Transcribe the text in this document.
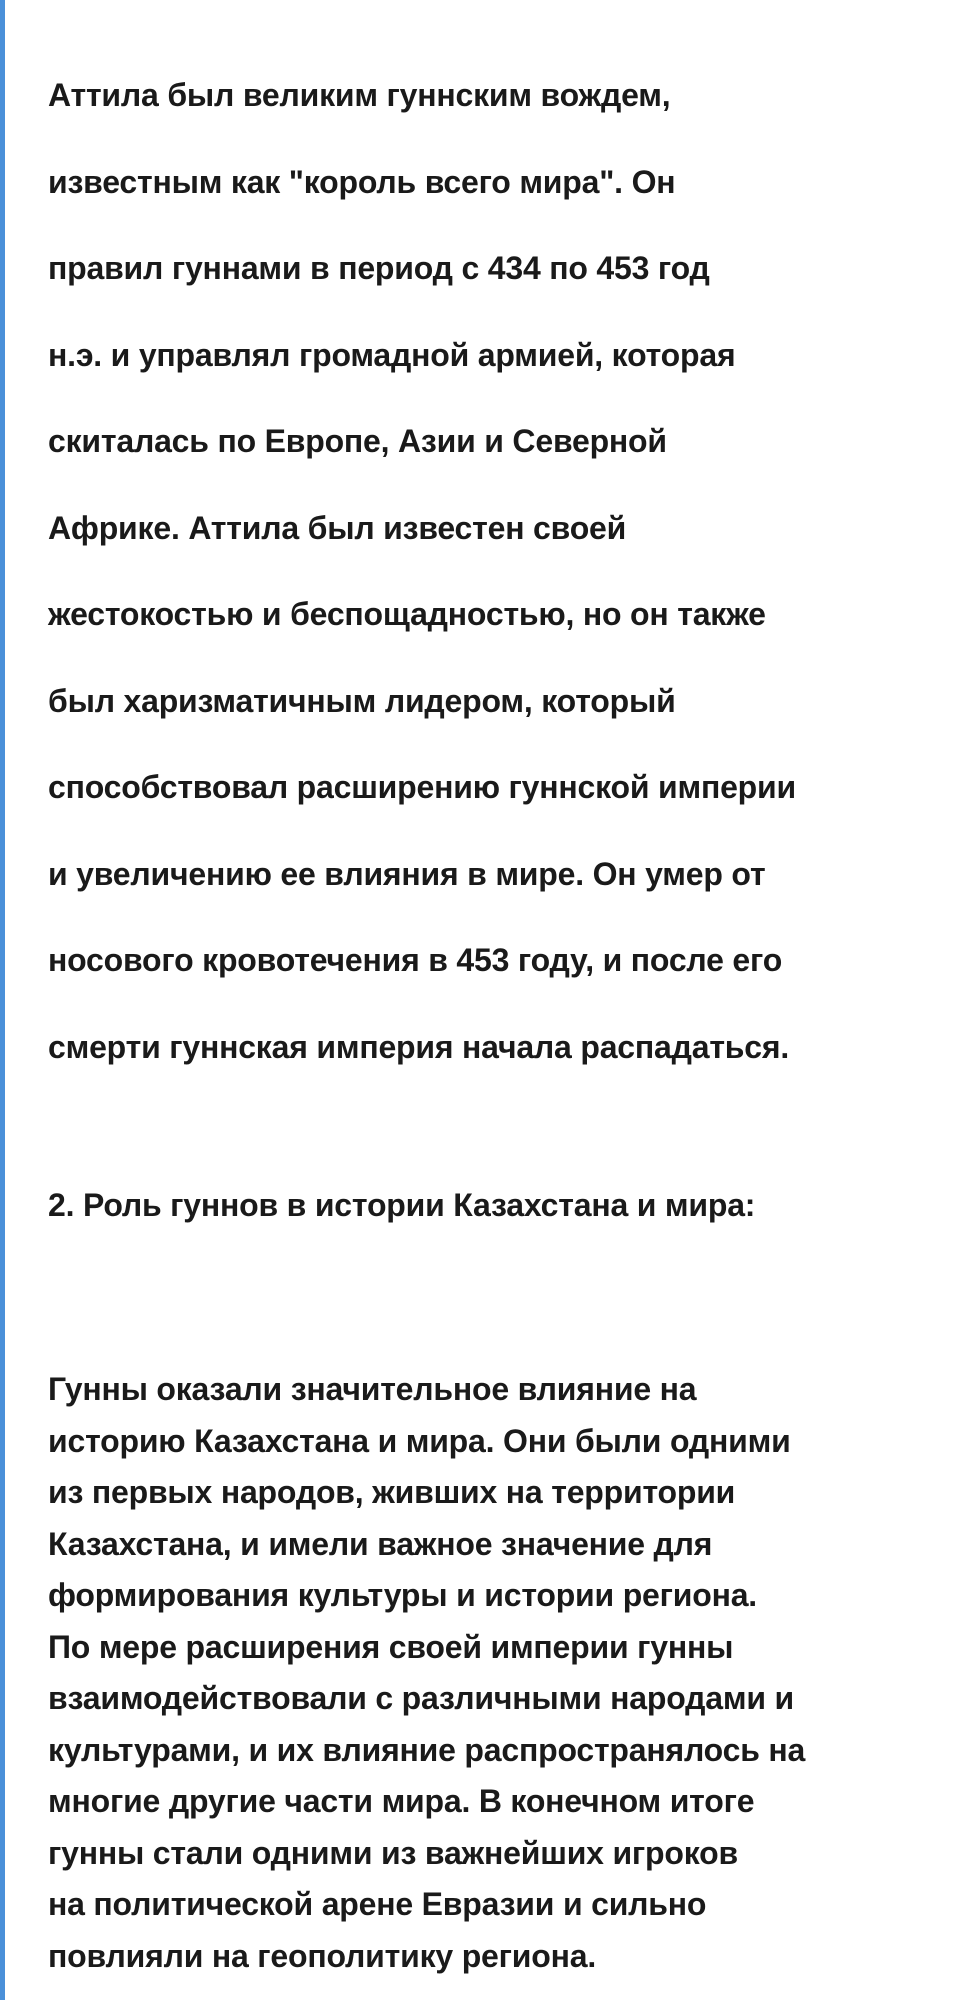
Аттила был великим гуннским вождем,
известным как "король всего мира". Он
правил гуннами в период с 434 по 453 год
н.э. и управлял громадной армией, которая
скиталась по Европе, Азии и Северной
Африке. Аттила был известен своей
жестокостью и беспощадностью, но он также
был харизматичным лидером, который
способствовал расширению гуннской империи
и увеличению ее влияния в мире. Он умер от
носового кровотечения в 453 году, и после его
смерти гуннская империя начала распадаться.

2. Роль гуннов в истории Казахстана и мира:

Гунны оказали значительное влияние на
историю Казахстана и мира. Они были одними
из первых народов, живших на территории
Казахстана, и имели важное значение для
формирования культуры и истории региона.
По мере расширения своей империи гунны
взаимодействовали с различными народами и
культурами, и их влияние распространялось на
многие другие части мира. В конечном итоге
гунны стали одними из важнейших игроков
на политической арене Евразии и сильно
повлияли на геополитику региона.
